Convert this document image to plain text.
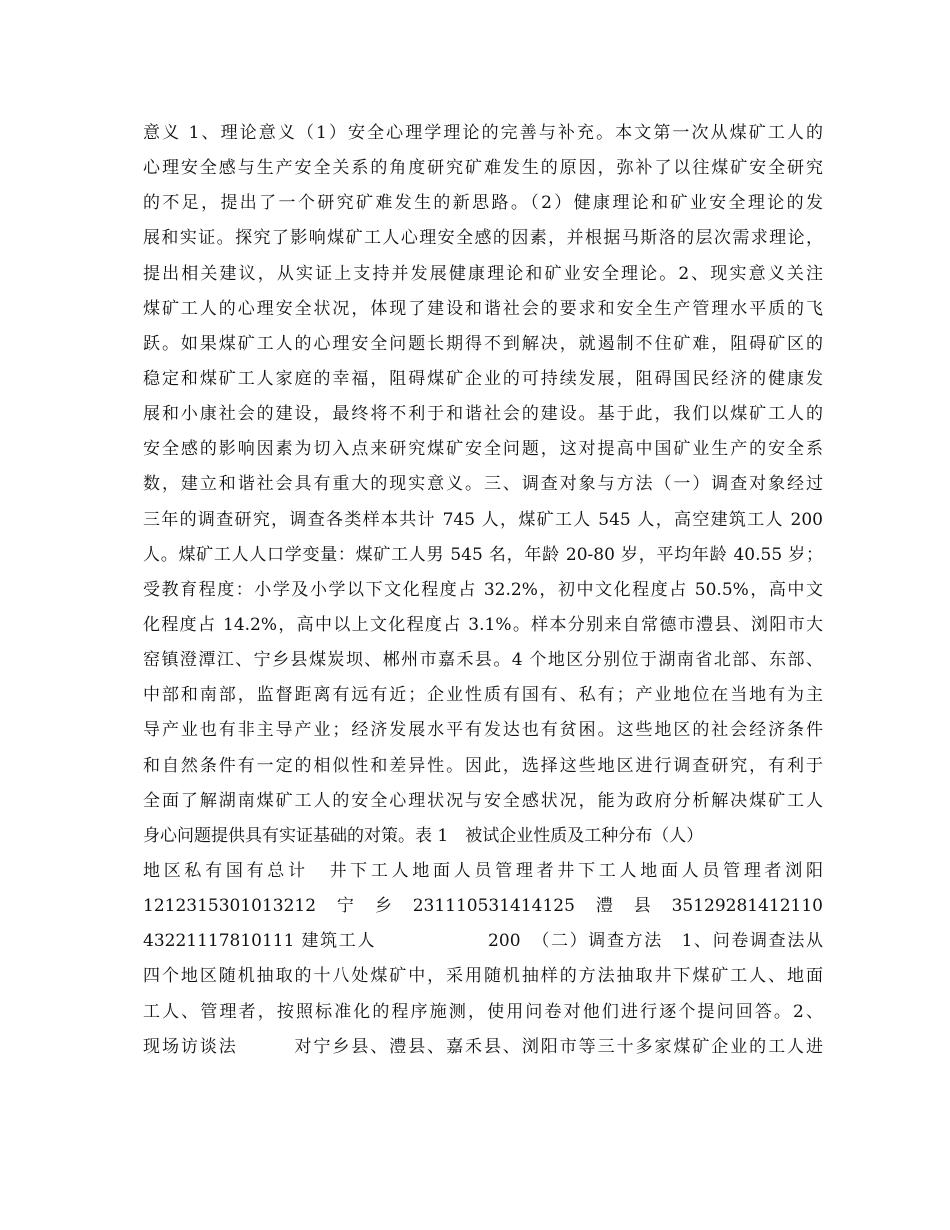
意义 1、理论意义（1）安全心理学理论的完善与补充。本文第一次从煤矿工人的
心理安全感与生产安全关系的角度研究矿难发生的原因，弥补了以往煤矿安全研究
的不足，提出了一个研究矿难发生的新思路。（2）健康理论和矿业安全理论的发
展和实证。探究了影响煤矿工人心理安全感的因素，并根据马斯洛的层次需求理论，
提出相关建议，从实证上支持并发展健康理论和矿业安全理论。2、现实意义关注
煤矿工人的心理安全状况，体现了建设和谐社会的要求和安全生产管理水平质的飞
跃。如果煤矿工人的心理安全问题长期得不到解决，就遏制不住矿难，阻碍矿区的
稳定和煤矿工人家庭的幸福，阻碍煤矿企业的可持续发展，阻碍国民经济的健康发
展和小康社会的建设，最终将不利于和谐社会的建设。基于此，我们以煤矿工人的
安全感的影响因素为切入点来研究煤矿安全问题，这对提高中国矿业生产的安全系
数，建立和谐社会具有重大的现实意义。三、调查对象与方法（一）调查对象经过
三年的调查研究，调查各类样本共计 745 人，煤矿工人 545 人，高空建筑工人 200
人。煤矿工人人口学变量：煤矿工人男 545 名，年龄 20-80 岁，平均年龄 40.55 岁；
受教育程度：小学及小学以下文化程度占 32.2%，初中文化程度占 50.5%，高中文
化程度占 14.2%，高中以上文化程度占 3.1%。样本分别来自常德市澧县、浏阳市大
窑镇澄潭江、宁乡县煤炭坝、郴州市嘉禾县。4 个地区分别位于湖南省北部、东部、
中部和南部，监督距离有远有近；企业性质有国有、私有；产业地位在当地有为主
导产业也有非主导产业；经济发展水平有发达也有贫困。这些地区的社会经济条件
和自然条件有一定的相似性和差异性。因此，选择这些地区进行调查研究，有利于
全面了解湖南煤矿工人的安全心理状况与安全感状况，能为政府分析解决煤矿工人
身心问题提供具有实证基础的对策。表 1　被试企业性质及工种分布（人）
地区私有国有总计　井下工人地面人员管理者井下工人地面人员管理者浏阳
1212315301013212　宁　乡　231110531414125　澧　县　35129281412110　　
43221117810111 建筑工人　　　　　　200　（二）调查方法　1、问卷调查法从
四个地区随机抽取的十八处煤矿中，采用随机抽样的方法抽取井下煤矿工人、地面
工人、管理者，按照标准化的程序施测，使用问卷对他们进行逐个提问回答。2、
现场访谈法　　　对宁乡县、澧县、嘉禾县、浏阳市等三十多家煤矿企业的工人进
